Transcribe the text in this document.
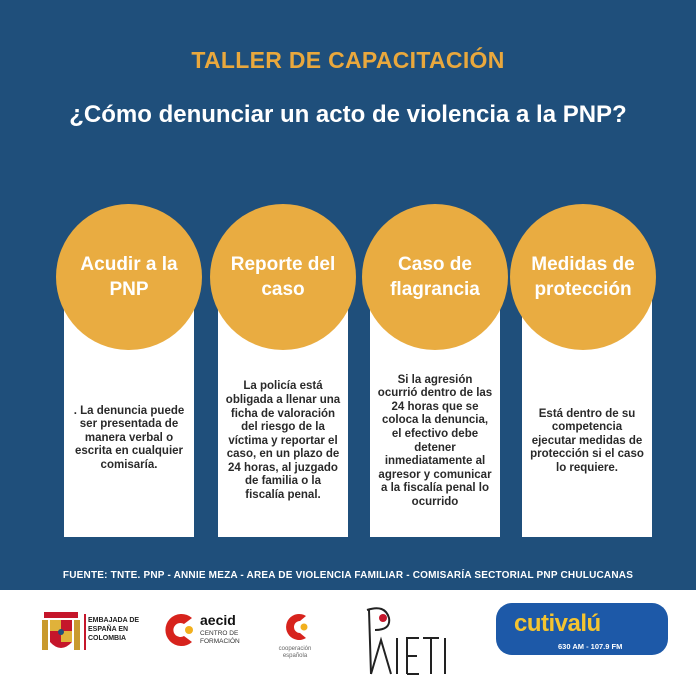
TALLER DE CAPACITACIÓN
¿Cómo denunciar un acto de violencia a la PNP?
. La denuncia puede ser presentada de manera verbal o escrita en cualquier comisaría.
Acudir a la PNP
La policía está obligada a llenar una ficha de valoración del riesgo de la víctima y reportar el caso, en un plazo de 24 horas, al juzgado de familia o la fiscalía penal.
Reporte del caso
Si la agresión ocurrió dentro de las 24 horas que se coloca la denuncia, el efectivo debe detener inmediatamente al agresor y comunicar a la fiscalía penal lo ocurrido
Caso de flagrancia
Está dentro de su competencia ejecutar medidas de protección si el caso lo requiere.
Medidas de protección
FUENTE: TNTE. PNP - ANNIE MEZA - AREA DE VIOLENCIA FAMILIAR - COMISARÍA SECTORIAL PNP CHULUCANAS
EMBAJADA DE ESPAÑA EN COLOMBIA
aecid
CENTRO DE FORMACIÓN
cooperación española
cutivalú
630 AM - 107.9 FM
